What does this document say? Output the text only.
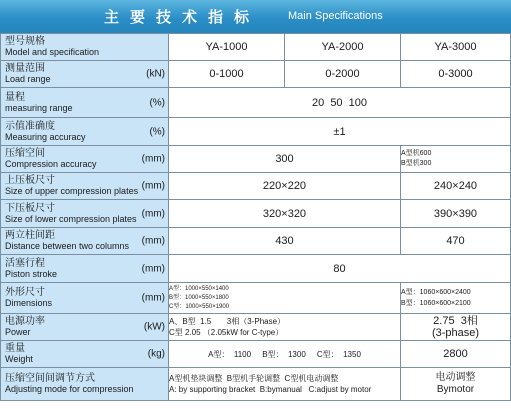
主要技术指标	Main Specifications
型号规格
Model and specification	YA-1000	YA-2000	YA-3000

测量范围
Load range (kN)	0-1000	0-2000	0-3000

量程
measuring range (%)	20  50  100		

示值准确度
Measuring accuracy (%)	±1		

压缩空间
Compression accuracy (mm)	300		A型机600
B型机300

上压板尺寸
Size of upper compression plates (mm)	220×220		240×240

下压板尺寸
Size of lower compression plates (mm)	320×320		390×390

两立柱间距
Distance between two columns (mm)	430		470

活塞行程
Piston stroke (mm)	80		

外形尺寸
Dimensions (mm)	A型：1000×550×1400
B型：1000×550×1800
C型：1000×550×1900		A型：1060×600×2400
B型：1060×600×2100

电源功率
Power (kW)	A、B型  1.5       3相（3-Phase）
C型 2.05 （2.05kW for C-type）		2.75  3相
(3-phase)

重量
Weight (kg)	A型：  1100     B型：  1300     C型：  1350		2800

压缩空间间调节方式
Adjusting mode for compression	A型机垫块调整  B型机手轮调整  C型机电动调整
A: by supporting bracket  B:bymanual   C:adjust by motor		电动调整
Bymotor
